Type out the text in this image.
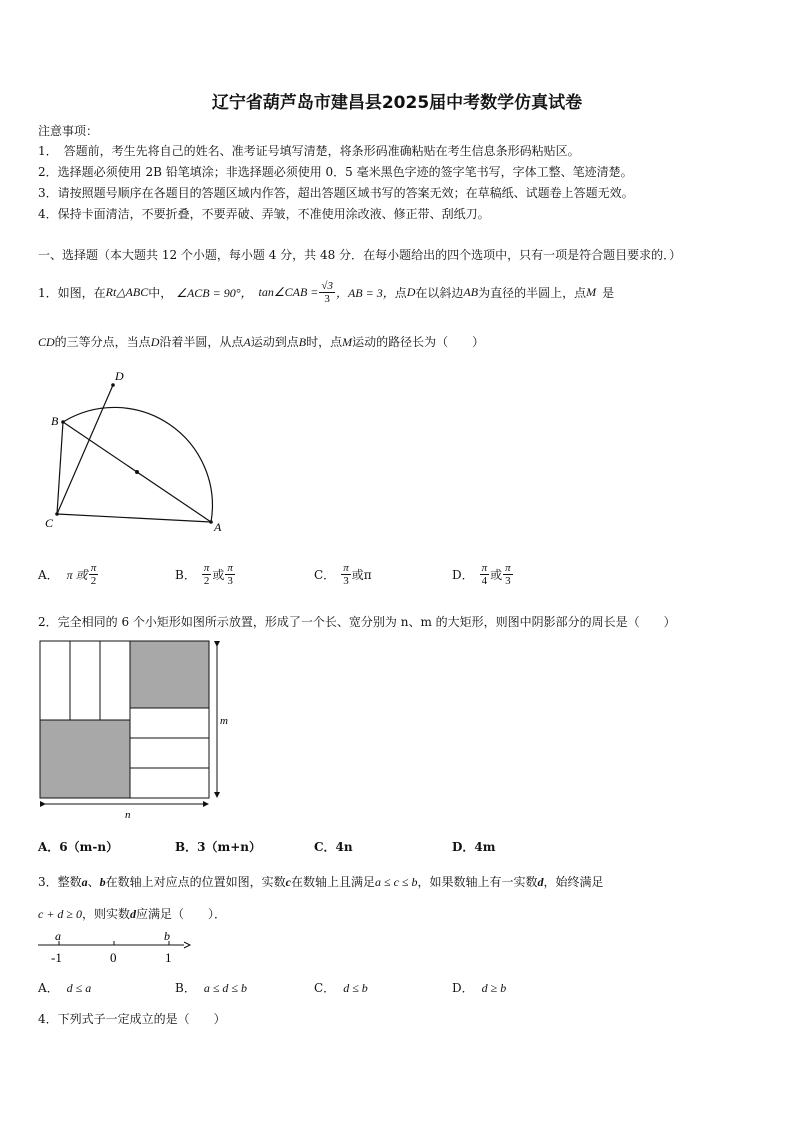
辽宁省葫芦岛市建昌县2025届中考数学仿真试卷
注意事项：
1．　答题前，考生先将自己的姓名、准考证号填写清楚，将条形码准确粘贴在考生信息条形码粘贴区。
2．选择题必须使用 2B 铅笔填涂；非选择题必须使用 0．5 毫米黑色字迹的签字笔书写，字体工整、笔迹清楚。
3．请按照题号顺序在各题目的答题区域内作答，超出答题区域书写的答案无效；在草稿纸、试题卷上答题无效。
4．保持卡面清洁，不要折叠，不要弄破、弄皱，不准使用涂改液、修正带、刮纸刀。
一、选择题（本大题共 12 个小题，每小题 4 分，共 48 分．在每小题给出的四个选项中，只有一项是符合题目要求的．）
1．如图，在 Rt△ABC 中， ∠ACB = 90°， tan∠CAB = $\frac{√3}{3}$ ，AB = 3， 点 D 在以斜边 AB 为直径的半圆上，点 M 是
CD的三等分点，当点D沿着半圆，从点A运动到点B时，点M运动的路径长为（　　）
D
B
C	A
A． π 或 $\frac{\pi}{2}$	B． $\frac{\pi}{2}$ 或 $\frac{\pi}{3}$	C． $\frac{\pi}{3}$ 或π	D． $\frac{\pi}{4}$ 或 $\frac{\pi}{3}$
2．完全相同的 6 个小矩形如图所示放置，形成了一个长、宽分别为 n、m 的大矩形，则图中阴影部分的周长是（　　）
m
n
A．6（m-n）	B．3（m+n）	C．4n	D．4m
3．整数a、b在数轴上对应点的位置如图，实数c在数轴上且满足a ≤ c ≤ b，如果数轴上有一实数d，始终满足
c + d ≥ 0，则实数d应满足（　　）．
a	b
-1	0	1
A． d ≤ a	B． a ≤ d ≤ b	C． d ≤ b	D． d ≥ b
4．下列式子一定成立的是（　　）
